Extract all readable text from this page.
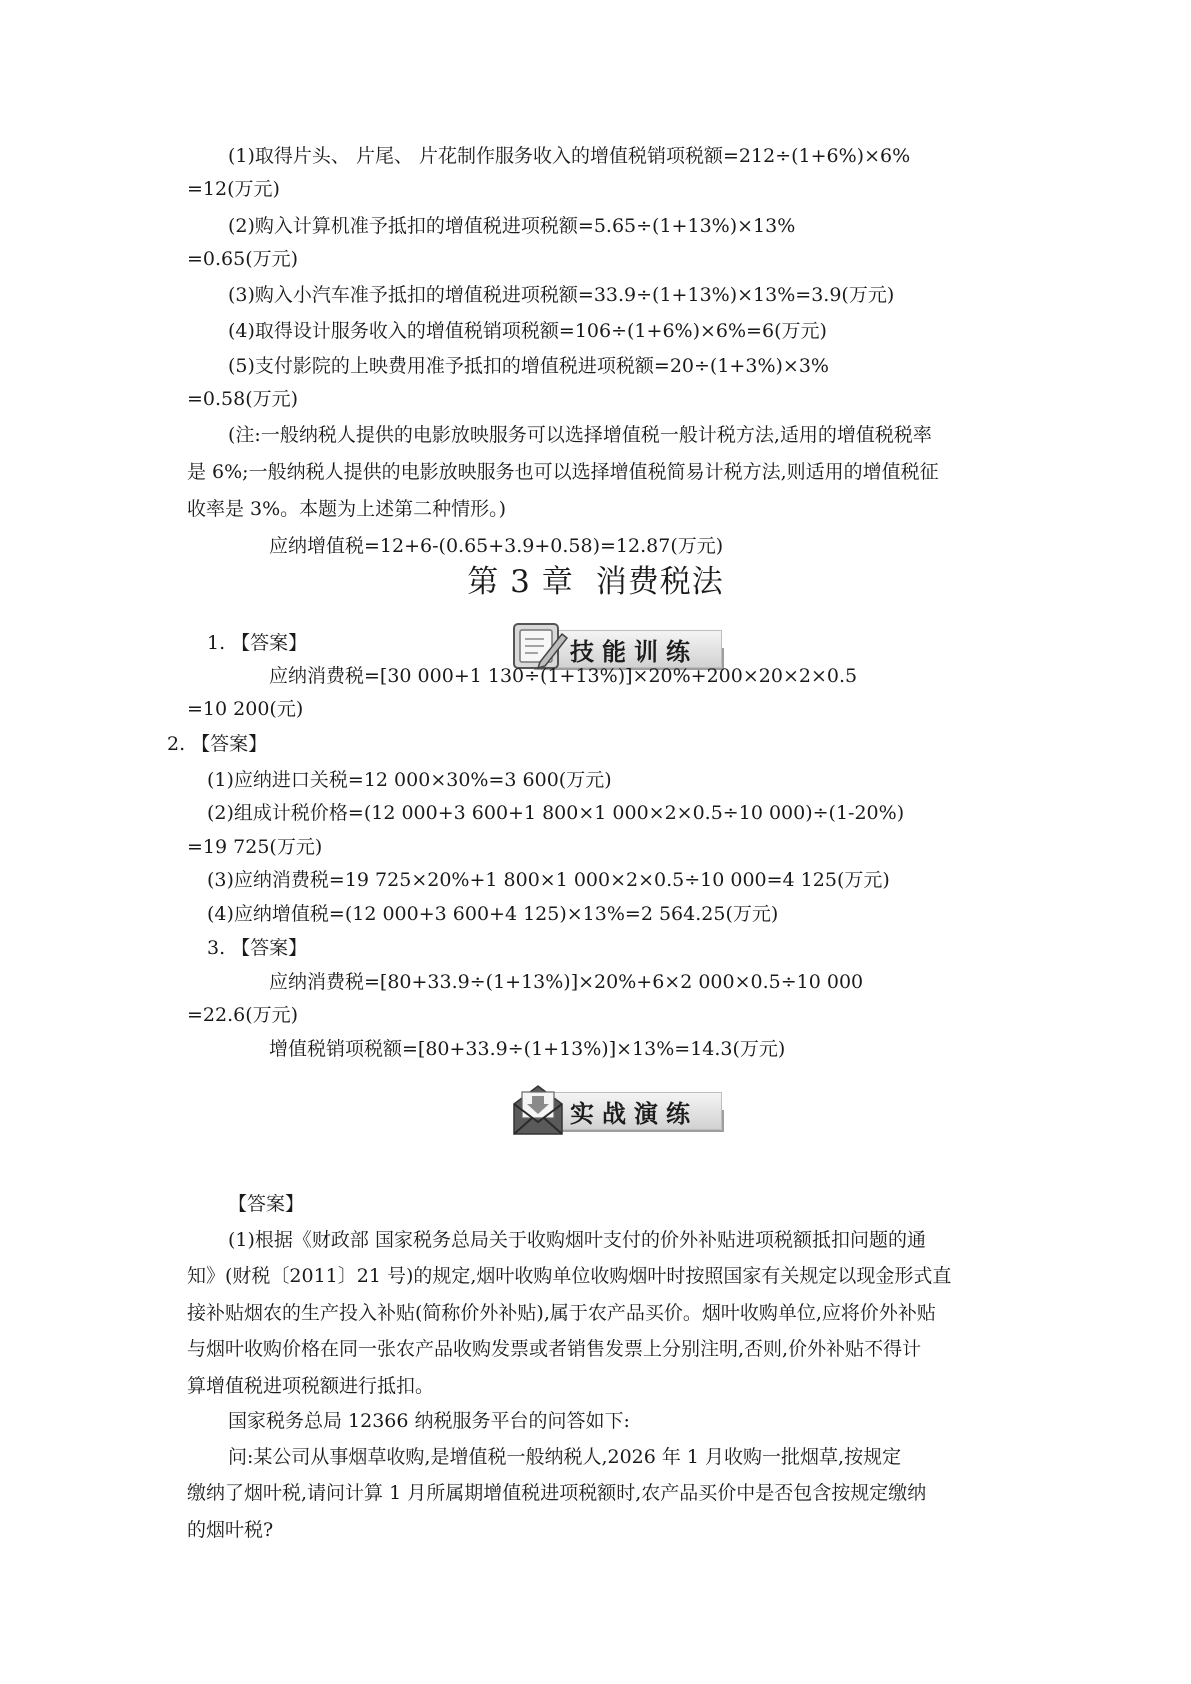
(1)取得片头、 片尾、 片花制作服务收入的增值税销项税额=212÷(1+6%)×6%
=12(万元)
(2)购入计算机准予抵扣的增值税进项税额=5.65÷(1+13%)×13%
=0.65(万元)
(3)购入小汽车准予抵扣的增值税进项税额=33.9÷(1+13%)×13%=3.9(万元)
(4)取得设计服务收入的增值税销项税额=106÷(1+6%)×6%=6(万元)
(5)支付影院的上映费用准予抵扣的增值税进项税额=20÷(1+3%)×3%
=0.58(万元)
(注:一般纳税人提供的电影放映服务可以选择增值税一般计税方法,适用的增值税税率
是 6%;一般纳税人提供的电影放映服务也可以选择增值税简易计税方法,则适用的增值税征
收率是 3%。本题为上述第二种情形。)
应纳增值税=12+6-(0.65+3.9+0.58)=12.87(万元)
第 3 章 消费税法
技能训练
1. 【答案】
应纳消费税=[30 000+1 130÷(1+13%)]×20%+200×20×2×0.5
=10 200(元)
2. 【答案】
(1)应纳进口关税=12 000×30%=3 600(万元)
(2)组成计税价格=(12 000+3 600+1 800×1 000×2×0.5÷10 000)÷(1-20%)
=19 725(万元)
(3)应纳消费税=19 725×20%+1 800×1 000×2×0.5÷10 000=4 125(万元)
(4)应纳增值税=(12 000+3 600+4 125)×13%=2 564.25(万元)
3. 【答案】
应纳消费税=[80+33.9÷(1+13%)]×20%+6×2 000×0.5÷10 000
=22.6(万元)
增值税销项税额=[80+33.9÷(1+13%)]×13%=14.3(万元)
实战演练
【答案】
(1)根据《财政部 国家税务总局关于收购烟叶支付的价外补贴进项税额抵扣问题的通
知》(财税〔2011〕21 号)的规定,烟叶收购单位收购烟叶时按照国家有关规定以现金形式直
接补贴烟农的生产投入补贴(简称价外补贴),属于农产品买价。烟叶收购单位,应将价外补贴
与烟叶收购价格在同一张农产品收购发票或者销售发票上分别注明,否则,价外补贴不得计
算增值税进项税额进行抵扣。
国家税务总局 12366 纳税服务平台的问答如下:
问:某公司从事烟草收购,是增值税一般纳税人,2026 年 1 月收购一批烟草,按规定
缴纳了烟叶税,请问计算 1 月所属期增值税进项税额时,农产品买价中是否包含按规定缴纳
的烟叶税?
